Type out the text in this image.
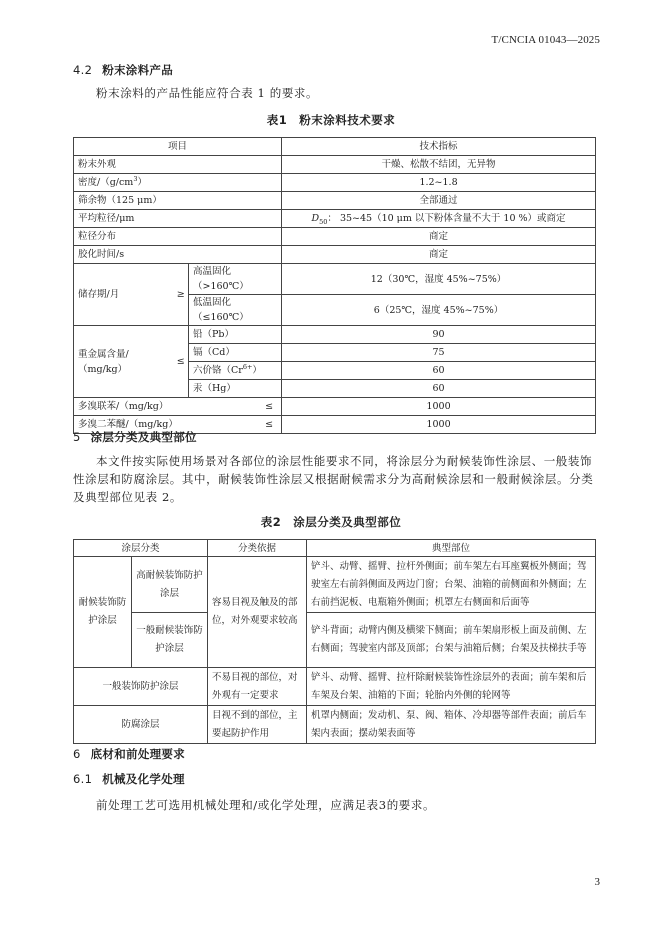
T/CNCIA 01043—2025
4.2 粉末涂料产品
粉末涂料的产品性能应符合表 1 的要求。
表1 粉末涂料技术要求
项目			技术指标
粉末外观			干燥、松散不结团，无异物
密度$/(g/cm^3)$			1.2~1.8
筛余物（125 μm）			全部通过
平均粒径/μm			$D_{50}$： 35~45（10 μm 以下粉体含量不大于 10 %）或商定
粒径分布			商定
胶化时间/s			商定
储存期/月	≥	高温固化（>160℃）	12（30℃，湿度 45%~75%）
		低温固化（≤160℃）	6（25℃，湿度 45%~75%）

重金属含量/
（mg/kg）	≤	铅（Pb）	90
		镉（Cd）	75
		六价铬$(Cr^{6+})$	60
		汞（Hg）	60
多溴联苯/（mg/kg）		≤	1000
多溴二苯醚/（mg/kg）		≤	1000
5 涂层分类及典型部位
本文件按实际使用场景对各部位的涂层性能要求不同，将涂层分为耐候装饰性涂层、一般装饰性涂层和防腐涂层。其中，耐候装饰性涂层又根据耐候需求分为高耐候涂层和一般耐候涂层。分类及典型部位见表 2。
表2 涂层分类及典型部位
涂层分类		分类依据	典型部位
耐候装饰防护涂层	高耐候装饰防护涂层	容易目视及触及的部位，对外观要求较高	铲斗、动臂、摇臂、拉杆外侧面；前车架左右耳座翼板外侧面；驾驶室左右前斜侧面及两边门窗；台架、油箱的前侧面和外侧面；左右前挡泥板、电瓶箱外侧面；机罩左右侧面和后面等
	一般耐候装饰防护涂层		铲斗背面；动臂内侧及横梁下侧面；前车架扇形板上面及前侧、左右侧面；驾驶室内部及顶部；台架与油箱后侧；台架及扶梯扶手等
一般装饰防护涂层		不易目视的部位，对外观有一定要求	铲斗、动臂、摇臂、拉杆除耐候装饰性涂层外的表面；前车架和后车架及台架、油箱的下面；轮胎内外侧的轮网等
防腐涂层		目视不到的部位，主要起防护作用	机罩内侧面；发动机、泵、阀、箱体、冷却器等部件表面；前后车架内表面；摆动架表面等
6 底材和前处理要求
6.1 机械及化学处理
前处理工艺可选用机械处理和/或化学处理，应满足表3的要求。
3
